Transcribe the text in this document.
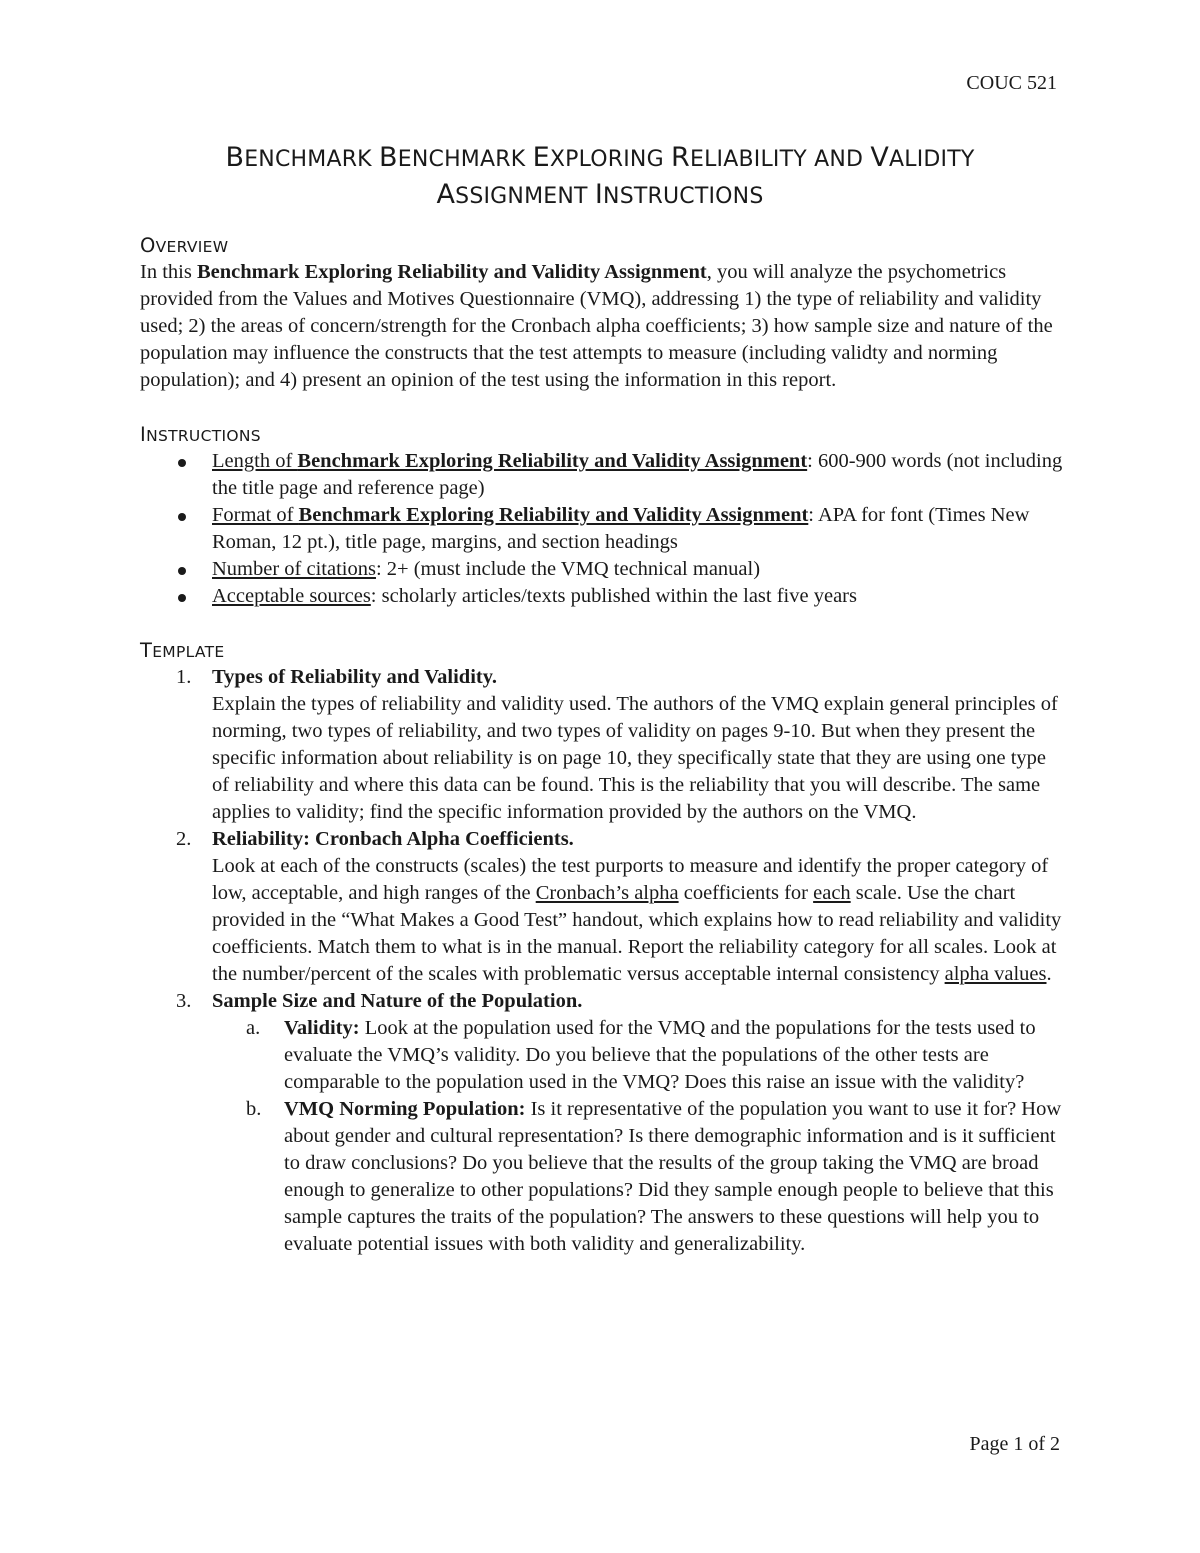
COUC 521
BENCHMARK BENCHMARK EXPLORING RELIABILITY AND VALIDITY
ASSIGNMENT INSTRUCTIONS
OVERVIEW

In this Benchmark Exploring Reliability and Validity Assignment, you will analyze the psychometrics provided from the Values and Motives Questionnaire (VMQ), addressing 1) the type of reliability and validity used; 2) the areas of concern/strength for the Cronbach alpha coefficients; 3) how sample size and nature of the population may influence the constructs that the test attempts to measure (including validty and norming population); and 4) present an opinion of the test using the information in this report.

INSTRUCTIONS
Length of Benchmark Exploring Reliability and Validity Assignment: 600-900 words (not including the title page and reference page)
Format of Benchmark Exploring Reliability and Validity Assignment: APA for font (Times New Roman, 12 pt.), title page, margins, and section headings
Number of citations: 2+ (must include the VMQ technical manual)
Acceptable sources: scholarly articles/texts published within the last five years
TEMPLATE
1. Types of Reliability and Validity.
Explain the types of reliability and validity used. The authors of the VMQ explain general principles of norming, two types of reliability, and two types of validity on pages 9-10. But when they present the specific information about reliability is on page 10, they specifically state that they are using one type of reliability and where this data can be found. This is the reliability that you will describe. The same applies to validity; find the specific information provided by the authors on the VMQ.
2. Reliability: Cronbach Alpha Coefficients.
Look at each of the constructs (scales) the test purports to measure and identify the proper category of low, acceptable, and high ranges of the Cronbach’s alpha coefficients for each scale. Use the chart provided in the “What Makes a Good Test” handout, which explains how to read reliability and validity coefficients. Match them to what is in the manual. Report the reliability category for all scales. Look at the number/percent of the scales with problematic versus acceptable internal consistency alpha values.
3. Sample Size and Nature of the Population.
a. Validity: Look at the population used for the VMQ and the populations for the tests used to evaluate the VMQ’s validity. Do you believe that the populations of the other tests are comparable to the population used in the VMQ? Does this raise an issue with the validity?
b. VMQ Norming Population: Is it representative of the population you want to use it for? How about gender and cultural representation? Is there demographic information and is it sufficient to draw conclusions? Do you believe that the results of the group taking the VMQ are broad enough to generalize to other populations? Did they sample enough people to believe that this sample captures the traits of the population? The answers to these questions will help you to evaluate potential issues with both validity and generalizability.
Page 1 of 2
